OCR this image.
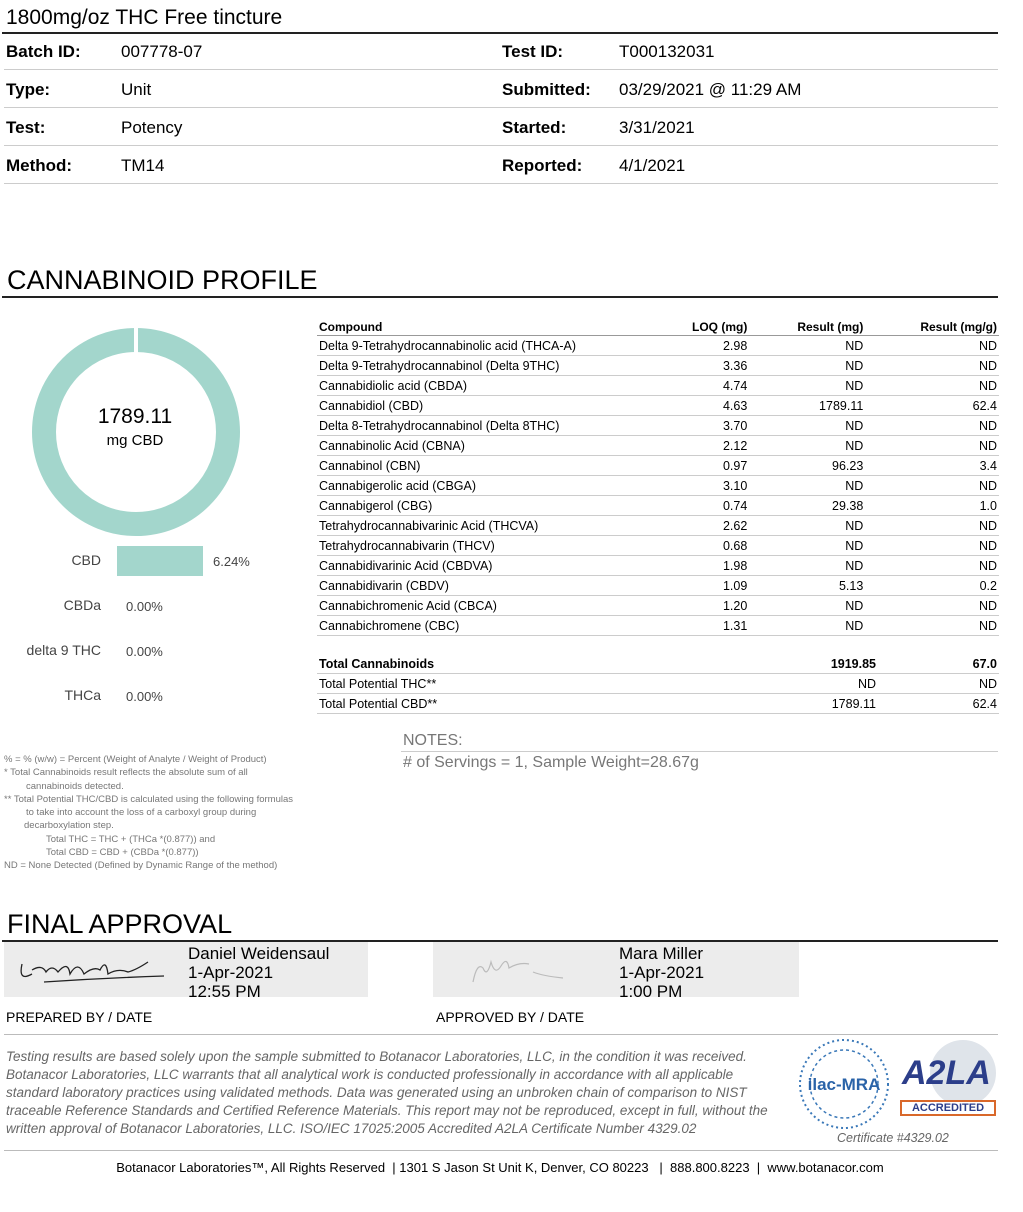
1800mg/oz THC Free tincture
Batch ID: 007778-07
Type:	Unit
Test:	Potency
Method:	TM14
Test ID:	T000132031
Submitted: 03/29/2021 @ 11:29 AM
Started:	3/31/2021
Reported: 4/1/2021
CANNABINOID PROFILE
1789.11
mg CBD
CBD	6.24%
CBDa 0.00%
delta 9 THC 0.00%
THCa 0.00%
Compound	LOQ (mg)	Result (mg)	Result (mg/g)
Delta 9-Tetrahydrocannabinolic acid (THCA-A)	2.98	ND	ND
Delta 9-Tetrahydrocannabinol (Delta 9THC)	3.36	ND	ND
Cannabidiolic acid (CBDA)	4.74	ND	ND
Cannabidiol (CBD)	4.63	1789.11	62.4
Delta 8-Tetrahydrocannabinol (Delta 8THC)	3.70	ND	ND
Cannabinolic Acid (CBNA)	2.12	ND	ND
Cannabinol (CBN)	0.97	96.23	3.4
Cannabigerolic acid (CBGA)	3.10	ND	ND
Cannabigerol (CBG)	0.74	29.38	1.0
Tetrahydrocannabivarinic Acid (THCVA)	2.62	ND	ND
Tetrahydrocannabivarin (THCV)	0.68	ND	ND
Cannabidivarinic Acid (CBDVA)	1.98	ND	ND
Cannabidivarin (CBDV)	1.09	5.13	0.2
Cannabichromenic Acid (CBCA)	1.20	ND	ND
Cannabichromene (CBC)	1.31	ND	ND
Total Cannabinoids		1919.85	67.0
Total Potential THC**		ND	ND
Total Potential CBD**		1789.11	62.4
% = % (w/w) = Percent (Weight of Analyte / Weight of Product)
* Total Cannabinoids result reflects the absolute sum of all
cannabinoids detected.
** Total Potential THC/CBD is calculated using the following formulas
to take into account the loss of a carboxyl group during
decarboxylation step.
Total THC = THC + (THCa *(0.877)) and
Total CBD = CBD + (CBDa *(0.877))
ND = None Detected (Defined by Dynamic Range of the method)
NOTES:
# of Servings = 1, Sample Weight=28.67g
FINAL APPROVAL
Daniel Weidensaul
1-Apr-2021
12:55 PM
Mara Miller
1-Apr-2021
1:00 PM
PREPARED BY / DATE	APPROVED BY / DATE
Testing results are based solely upon the sample submitted to Botanacor Laboratories, LLC, in the condition it was received.
Botanacor Laboratories, LLC warrants that all analytical work is conducted professionally in accordance with all applicable
standard laboratory practices using validated methods. Data was generated using an unbroken chain of comparison to NIST
traceable Reference Standards and Certified Reference Materials. This report may not be reproduced, except in full, without the
written approval of Botanacor Laboratories, LLC. ISO/IEC 17025:2005 Accredited A2LA Certificate Number 4329.02
ilac-MRA A2LA
ACCREDITED
Certificate #4329.02
Botanacor Laboratories™, All Rights Reserved  | 1301 S Jason St Unit K, Denver, CO 80223   |  888.800.8223  |  www.botanacor.com
